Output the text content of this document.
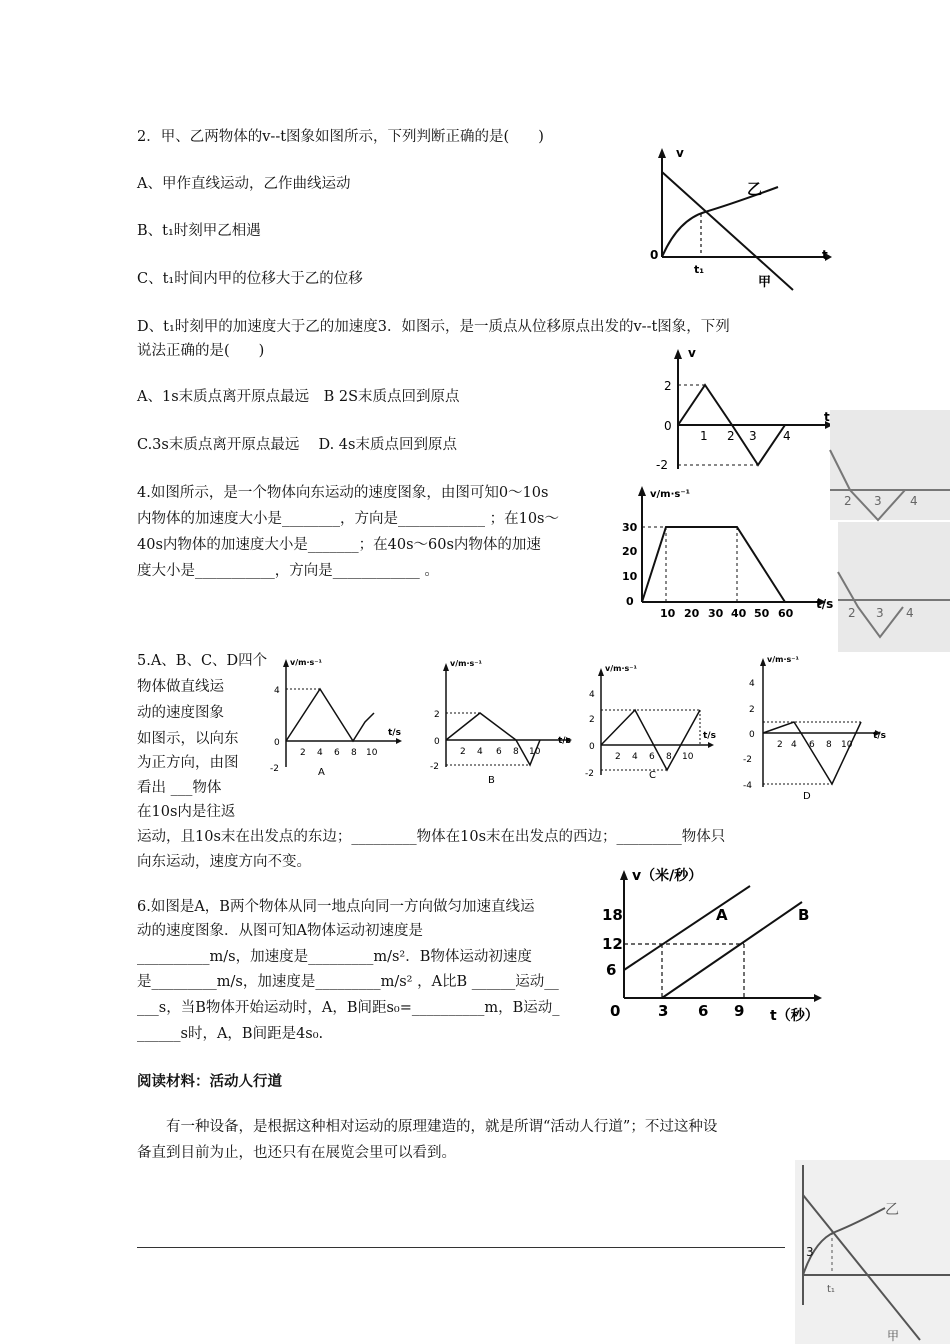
2．甲、乙两物体的v--t图象如图所示，下列判断正确的是(　　)
A、甲作直线运动，乙作曲线运动
B、t₁时刻甲乙相遇
C、t₁时间内甲的位移大于乙的位移
D、t₁时刻甲的加速度大于乙的加速度3．如图示，是一质点从位移原点出发的v--t图象，下列
v
0	t
t₁
甲
乙
说法正确的是(　　)
A、1s末质点离开原点最远　B 2S末质点回到原点
C.3s末质点离开原点最远　 D. 4s末质点回到原点
v
2
0
-2
t
1 2 3 4
2 3 4
2 3 4
4.如图所示，是一个物体向东运动的速度图象，由图可知0～10s
内物体的加速度大小是________，方向是____________ ；在10s～
40s内物体的加速度大小是_______；在40s～60s内物体的加速
度大小是___________，方向是____________ 。
v/m·s⁻¹
0
10
20
30
10 20 30 40 50 60
t/s
5.A、B、C、D四个
物体做直线运
动的速度图象
如图示，以向东
为正方向，由图
看出 ___物体
在10s内是往返
运动，且10s末在出发点的东边；_________物体在10s末在出发点的西边；_________物体只
向东运动，速度方向不变。
v/m·s⁻¹
4
0
-2
2 4 6 8 10
t/s
A
v/m·s⁻¹
2
0
-2
2 4 6 8 10
t/s
B
v/m·s⁻¹
4
2
0
-2
2 4 6 8 10
t/s
C
v/m·s⁻¹
4
2
0
-2
-4
2 4 6 8 10
t/s
D
6.如图是A，B两个物体从同一地点向同一方向做匀加速直线运
动的速度图象．从图可知A物体运动初速度是
__________m/s，加速度是_________m/s²．B物体运动初速度
是_________m/s，加速度是_________m/s² ，A比B ______运动__
___s，当B物体开始运动时，A，B间距s₀=__________m，B运动_
______s时，A，B间距是4s₀.
v（米/秒）
18
12
6
0	3 6 9 t（秒）
A	B
阅读材料：活动人行道
有一种设备，是根据这种相对运动的原理建造的，就是所谓“活动人行道”；不过这种设
备直到目前为止，也还只有在展览会里可以看到。
乙
t₁
甲
3
